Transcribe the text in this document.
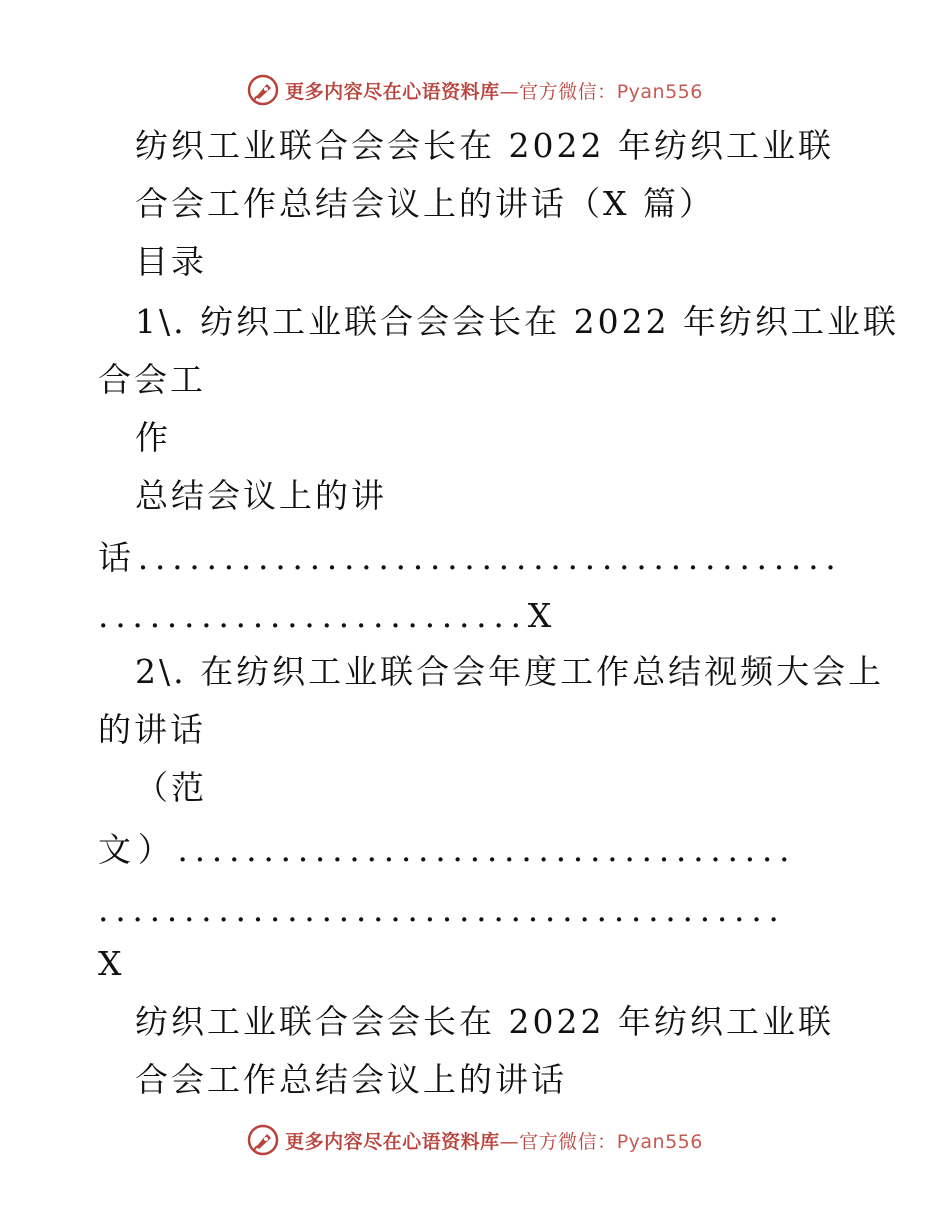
更多内容尽在心语资料库—官方微信：Pyan556
纺织工业联合会会长在 2022 年纺织工业联
合会工作总结会议上的讲话（X 篇）
目录
1\. 纺织工业联合会会长在 2022 年纺织工业联
合会工
作
总结会议上的讲
话.........................................
.........................X
2\. 在纺织工业联合会年度工作总结视频大会上
的讲话
（范
文）....................................
........................................
X
纺织工业联合会会长在 2022 年纺织工业联
合会工作总结会议上的讲话
更多内容尽在心语资料库—官方微信：Pyan556
